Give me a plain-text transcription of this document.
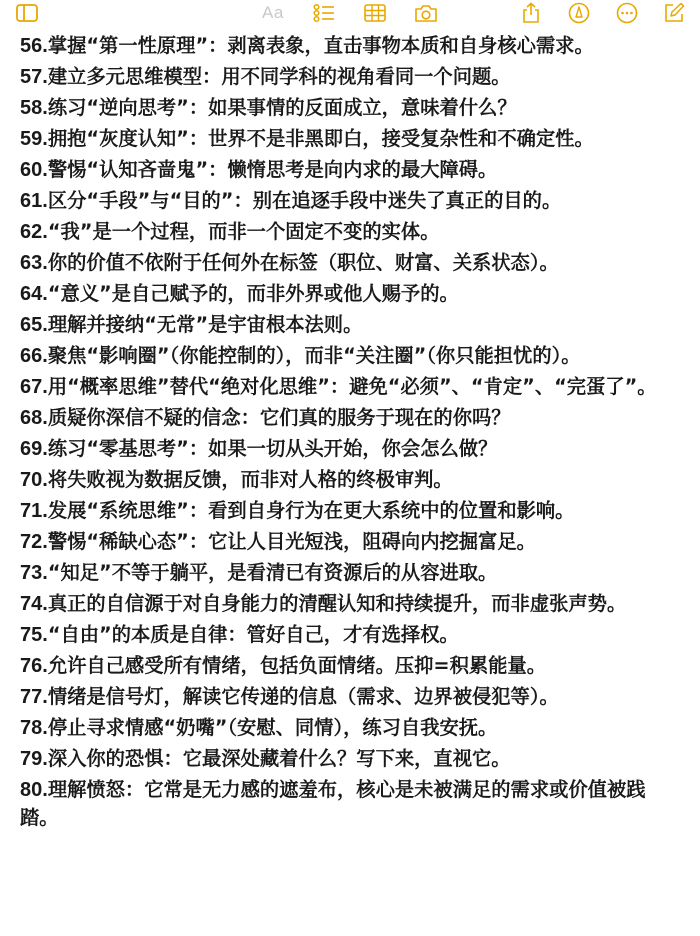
Aa
56.掌握“第一性原理”：剥离表象，直击事物本质和自身核心需求。
57.建立多元思维模型：用不同学科的视角看同一个问题。
58.练习“逆向思考”：如果事情的反面成立，意味着什么？
59.拥抱“灰度认知”：世界不是非黑即白，接受复杂性和不确定性。
60.警惕“认知吝啬鬼”：懒惰思考是向内求的最大障碍。
61.区分“手段”与“目的”：别在追逐手段中迷失了真正的目的。
62.“我”是一个过程，而非一个固定不变的实体。
63.你的价值不依附于任何外在标签（职位、财富、关系状态）。
64.“意义”是自己赋予的，而非外界或他人赐予的。
65.理解并接纳“无常”是宇宙根本法则。
66.聚焦“影响圈”（你能控制的），而非“关注圈”（你只能担忧的）。
67.用“概率思维”替代“绝对化思维”：避免“必须”、“肯定”、“完蛋了”。
68.质疑你深信不疑的信念：它们真的服务于现在的你吗？
69.练习“零基思考”：如果一切从头开始，你会怎么做？
70.将失败视为数据反馈，而非对人格的终极审判。
71.发展“系统思维”：看到自身行为在更大系统中的位置和影响。
72.警惕“稀缺心态”：它让人目光短浅，阻碍向内挖掘富足。
73.“知足”不等于躺平，是看清已有资源后的从容进取。
74.真正的自信源于对自身能力的清醒认知和持续提升，而非虚张声势。
75.“自由”的本质是自律：管好自己，才有选择权。
76.允许自己感受所有情绪，包括负面情绪。压抑=积累能量。
77.情绪是信号灯，解读它传递的信息（需求、边界被侵犯等）。
78.停止寻求情感“奶嘴”（安慰、同情），练习自我安抚。
79.深入你的恐惧：它最深处藏着什么？写下来，直视它。
80.理解愤怒：它常是无力感的遮羞布，核心是未被满足的需求或价值被践踏。
